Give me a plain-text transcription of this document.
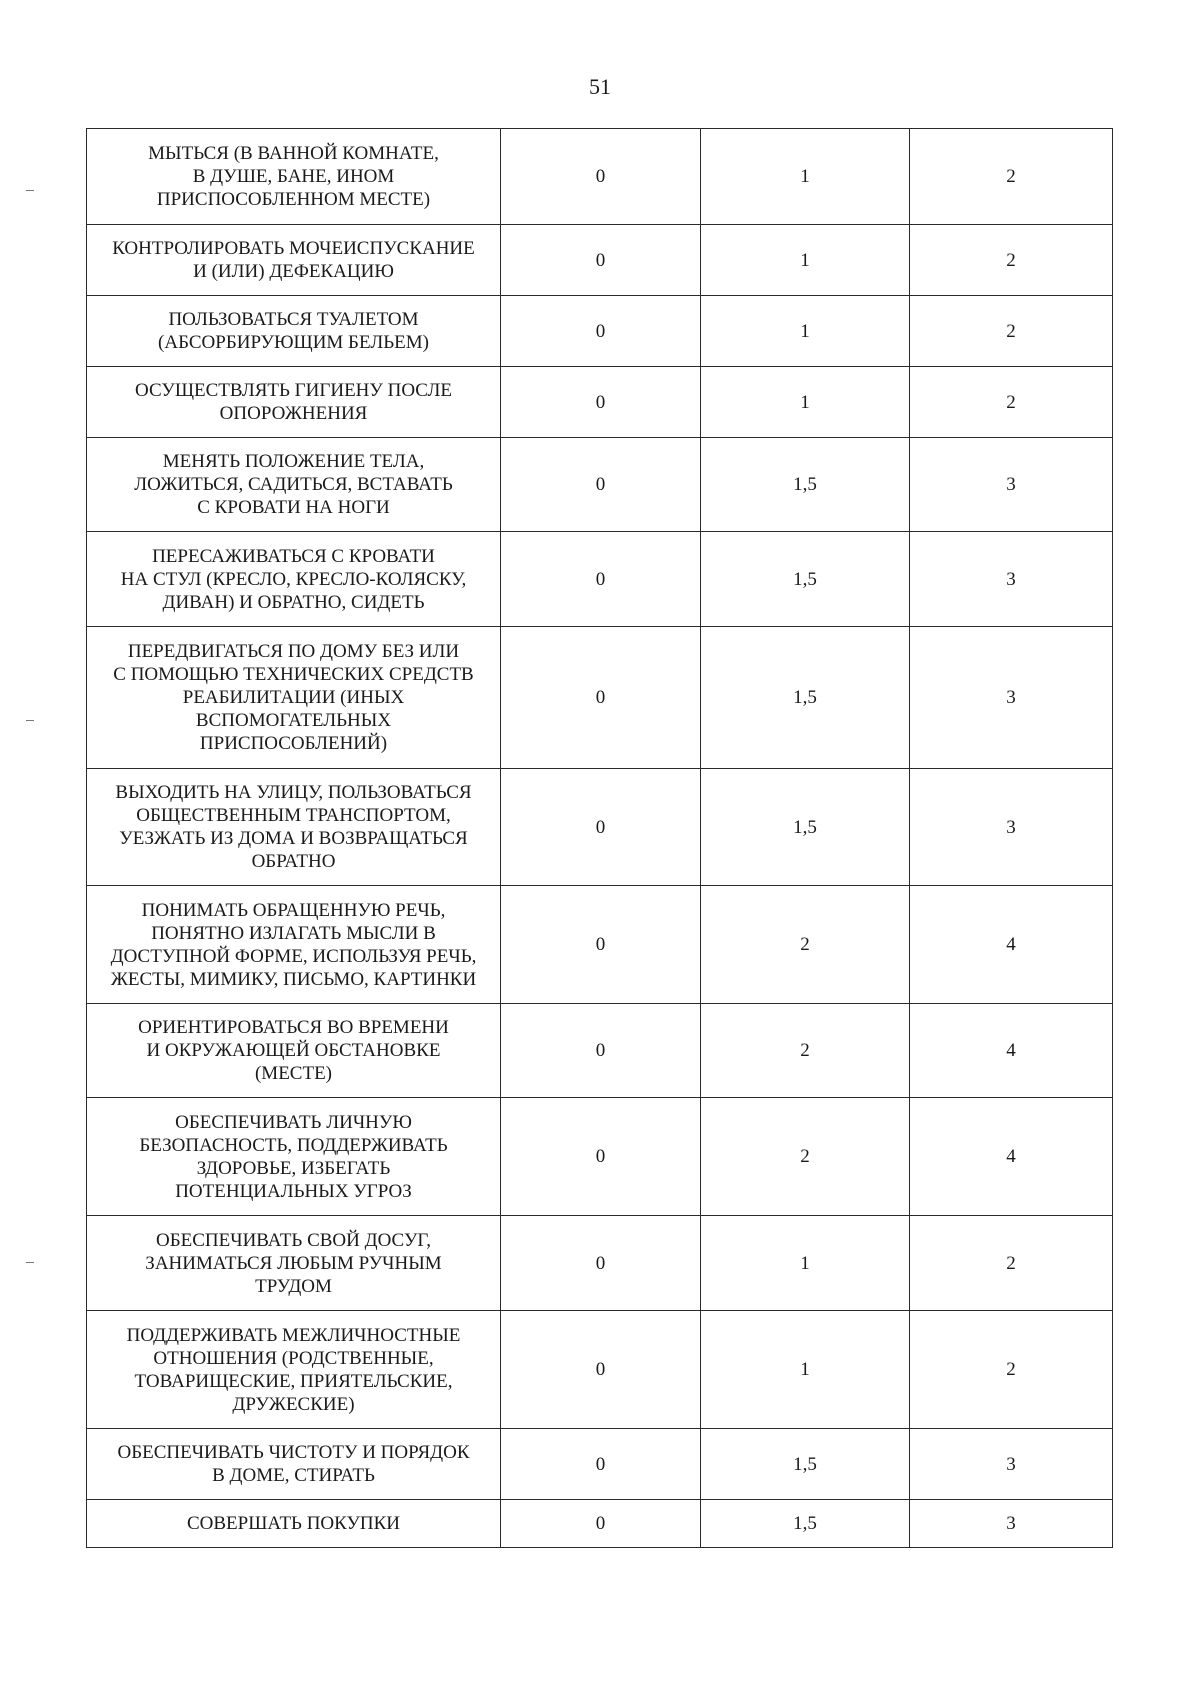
51
МЫТЬСЯ (В ВАННОЙ КОМНАТЕ,
В ДУШЕ, БАНЕ, ИНОМ
ПРИСПОСОБЛЕННОМ МЕСТЕ)	0	1	2

КОНТРОЛИРОВАТЬ МОЧЕИСПУСКАНИЕ
И (ИЛИ) ДЕФЕКАЦИЮ	0	1	2

ПОЛЬЗОВАТЬСЯ ТУАЛЕТОМ
(АБСОРБИРУЮЩИМ БЕЛЬЕМ)	0	1	2

ОСУЩЕСТВЛЯТЬ ГИГИЕНУ ПОСЛЕ
ОПОРОЖНЕНИЯ	0	1	2

МЕНЯТЬ ПОЛОЖЕНИЕ ТЕЛА,
ЛОЖИТЬСЯ, САДИТЬСЯ, ВСТАВАТЬ
С КРОВАТИ НА НОГИ	0	1,5	3

ПЕРЕСАЖИВАТЬСЯ С КРОВАТИ
НА СТУЛ (КРЕСЛО, КРЕСЛО-КОЛЯСКУ,
ДИВАН) И ОБРАТНО, СИДЕТЬ	0	1,5	3

ПЕРЕДВИГАТЬСЯ ПО ДОМУ БЕЗ ИЛИ
С ПОМОЩЬЮ ТЕХНИЧЕСКИХ СРЕДСТВ
РЕАБИЛИТАЦИИ (ИНЫХ
ВСПОМОГАТЕЛЬНЫХ
ПРИСПОСОБЛЕНИЙ)	0	1,5	3

ВЫХОДИТЬ НА УЛИЦУ, ПОЛЬЗОВАТЬСЯ
ОБЩЕСТВЕННЫМ ТРАНСПОРТОМ,
УЕЗЖАТЬ ИЗ ДОМА И ВОЗВРАЩАТЬСЯ
ОБРАТНО	0	1,5	3

ПОНИМАТЬ ОБРАЩЕННУЮ РЕЧЬ,
ПОНЯТНО ИЗЛАГАТЬ МЫСЛИ В
ДОСТУПНОЙ ФОРМЕ, ИСПОЛЬЗУЯ РЕЧЬ,
ЖЕСТЫ, МИМИКУ, ПИСЬМО, КАРТИНКИ	0	2	4

ОРИЕНТИРОВАТЬСЯ ВО ВРЕМЕНИ
И ОКРУЖАЮЩЕЙ ОБСТАНОВКЕ
(МЕСТЕ)	0	2	4

ОБЕСПЕЧИВАТЬ ЛИЧНУЮ
БЕЗОПАСНОСТЬ, ПОДДЕРЖИВАТЬ
ЗДОРОВЬЕ, ИЗБЕГАТЬ
ПОТЕНЦИАЛЬНЫХ УГРОЗ	0	2	4

ОБЕСПЕЧИВАТЬ СВОЙ ДОСУГ,
ЗАНИМАТЬСЯ ЛЮБЫМ РУЧНЫМ
ТРУДОМ	0	1	2

ПОДДЕРЖИВАТЬ МЕЖЛИЧНОСТНЫЕ
ОТНОШЕНИЯ (РОДСТВЕННЫЕ,
ТОВАРИЩЕСКИЕ, ПРИЯТЕЛЬСКИЕ,
ДРУЖЕСКИЕ)	0	1	2

ОБЕСПЕЧИВАТЬ ЧИСТОТУ И ПОРЯДОК
В ДОМЕ, СТИРАТЬ	0	1,5	3

СОВЕРШАТЬ ПОКУПКИ	0	1,5	3
